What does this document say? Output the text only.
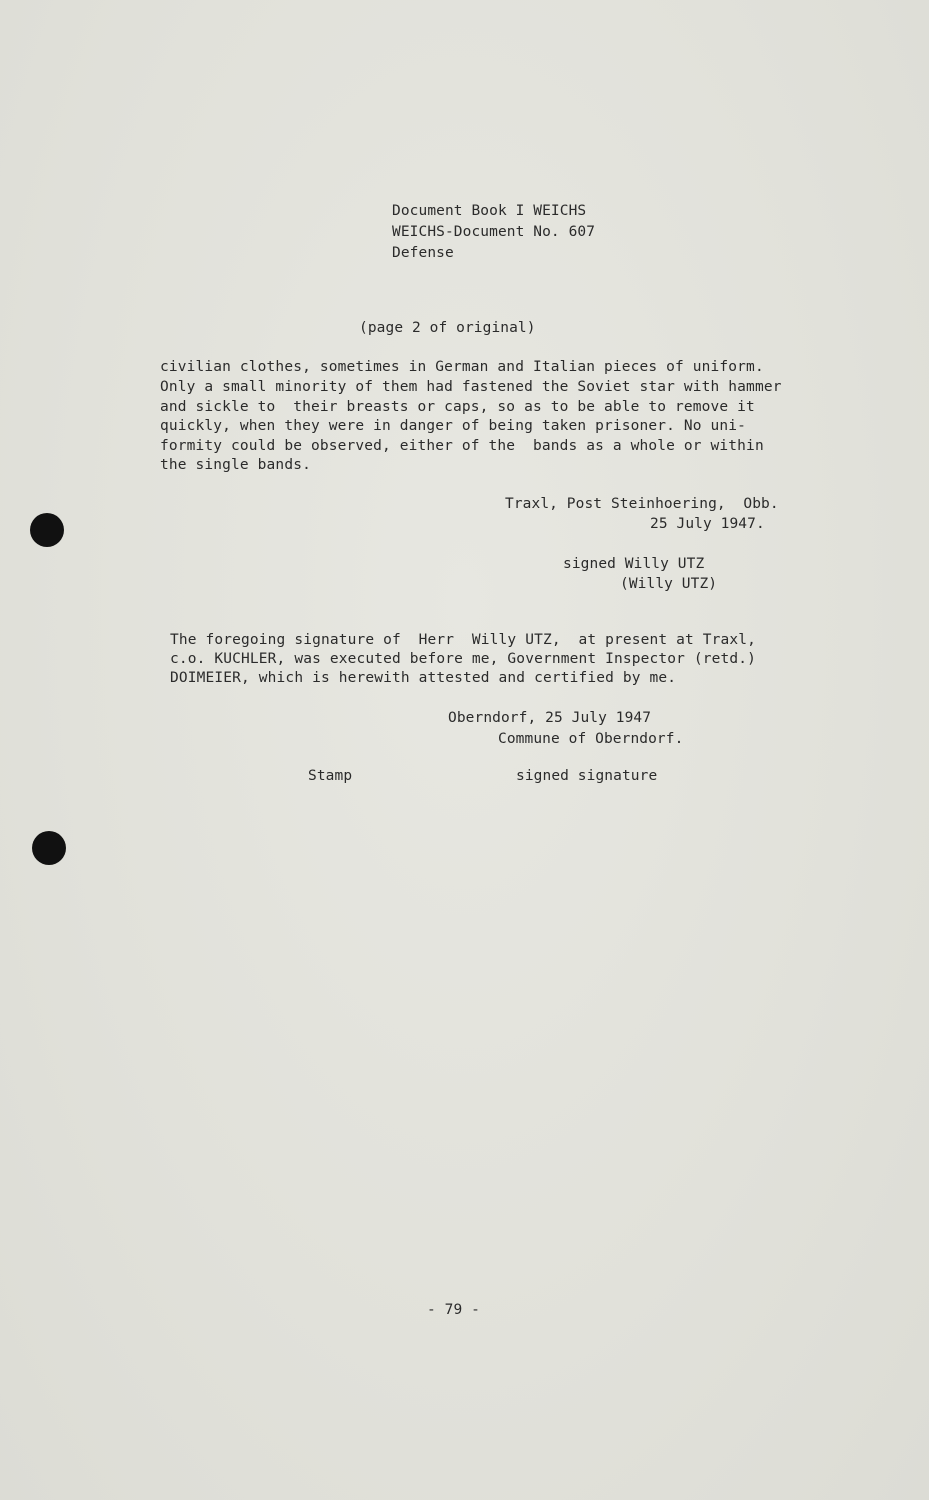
Document Book I WEICHS
WEICHS-Document No. 607
Defense
(page 2 of original)
civilian clothes, sometimes in German and Italian pieces of uniform.
Only a small minority of them had fastened the Soviet star with hammer
and sickle to  their breasts or caps, so as to be able to remove it
quickly, when they were in danger of being taken prisoner. No uni-
formity could be observed, either of the  bands as a whole or within
the single bands.
Traxl, Post Steinhoering,  Obb.
25 July 1947.
signed Willy UTZ
(Willy UTZ)
The foregoing signature of  Herr  Willy UTZ,  at present at Traxl,
c.o. KUCHLER, was executed before me, Government Inspector (retd.)
DOIMEIER, which is herewith attested and certified by me.
Oberndorf, 25 July 1947
Commune of Oberndorf.
Stamp	signed signature
- 79 -
